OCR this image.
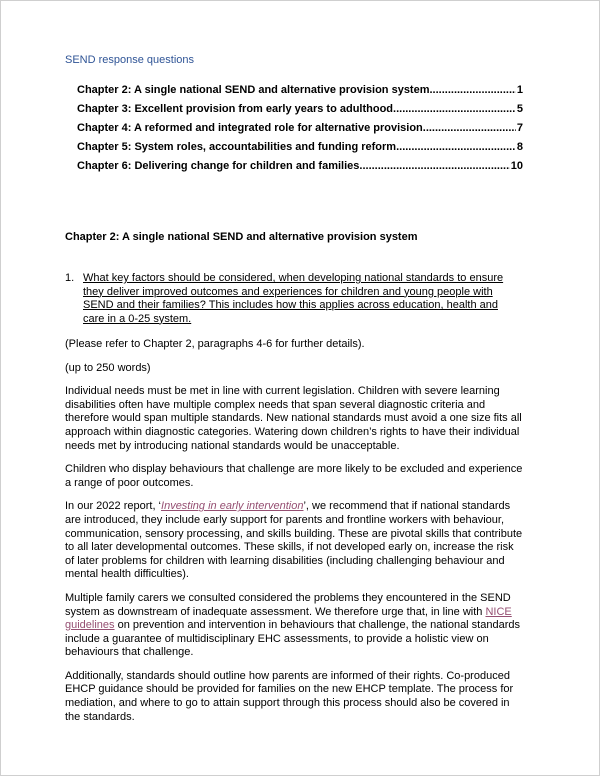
SEND response questions
Chapter 2: A single national SEND and alternative provision system .....	1
Chapter 3: Excellent provision from early years to adulthood .....	5
Chapter 4: A reformed and integrated role for alternative provision .....	7
Chapter 5: System roles, accountabilities and funding reform .....	8
Chapter 6: Delivering change for children and families .....	10
Chapter 2: A single national SEND and alternative provision system
1. What key factors should be considered, when developing national standards to ensure they deliver improved outcomes and experiences for children and young people with SEND and their families? This includes how this applies across education, health and care in a 0-25 system.

(Please refer to Chapter 2, paragraphs 4-6 for further details).

(up to 250 words)

Individual needs must be met in line with current legislation. Children with severe learning disabilities often have multiple complex needs that span several diagnostic criteria and therefore would span multiple standards. New national standards must avoid a one size fits all approach within diagnostic categories. Watering down children’s rights to have their individual needs met by introducing national standards would be unacceptable.

Children who display behaviours that challenge are more likely to be excluded and experience a range of poor outcomes.

In our 2022 report, ‘Investing in early intervention’, we recommend that if national standards are introduced, they include early support for parents and frontline workers with behaviour, communication, sensory processing, and skills building. These are pivotal skills that contribute to all later developmental outcomes. These skills, if not developed early on, increase the risk of later problems for children with learning disabilities (including challenging behaviour and mental health difficulties).

Multiple family carers we consulted considered the problems they encountered in the SEND system as downstream of inadequate assessment. We therefore urge that, in line with NICE guidelines on prevention and intervention in behaviours that challenge, the national standards include a guarantee of multidisciplinary EHC assessments, to provide a holistic view on behaviours that challenge.

Additionally, standards should outline how parents are informed of their rights. Co-produced EHCP guidance should be provided for families on the new EHCP template. The process for mediation, and where to go to attain support through this process should also be covered in the standards.
